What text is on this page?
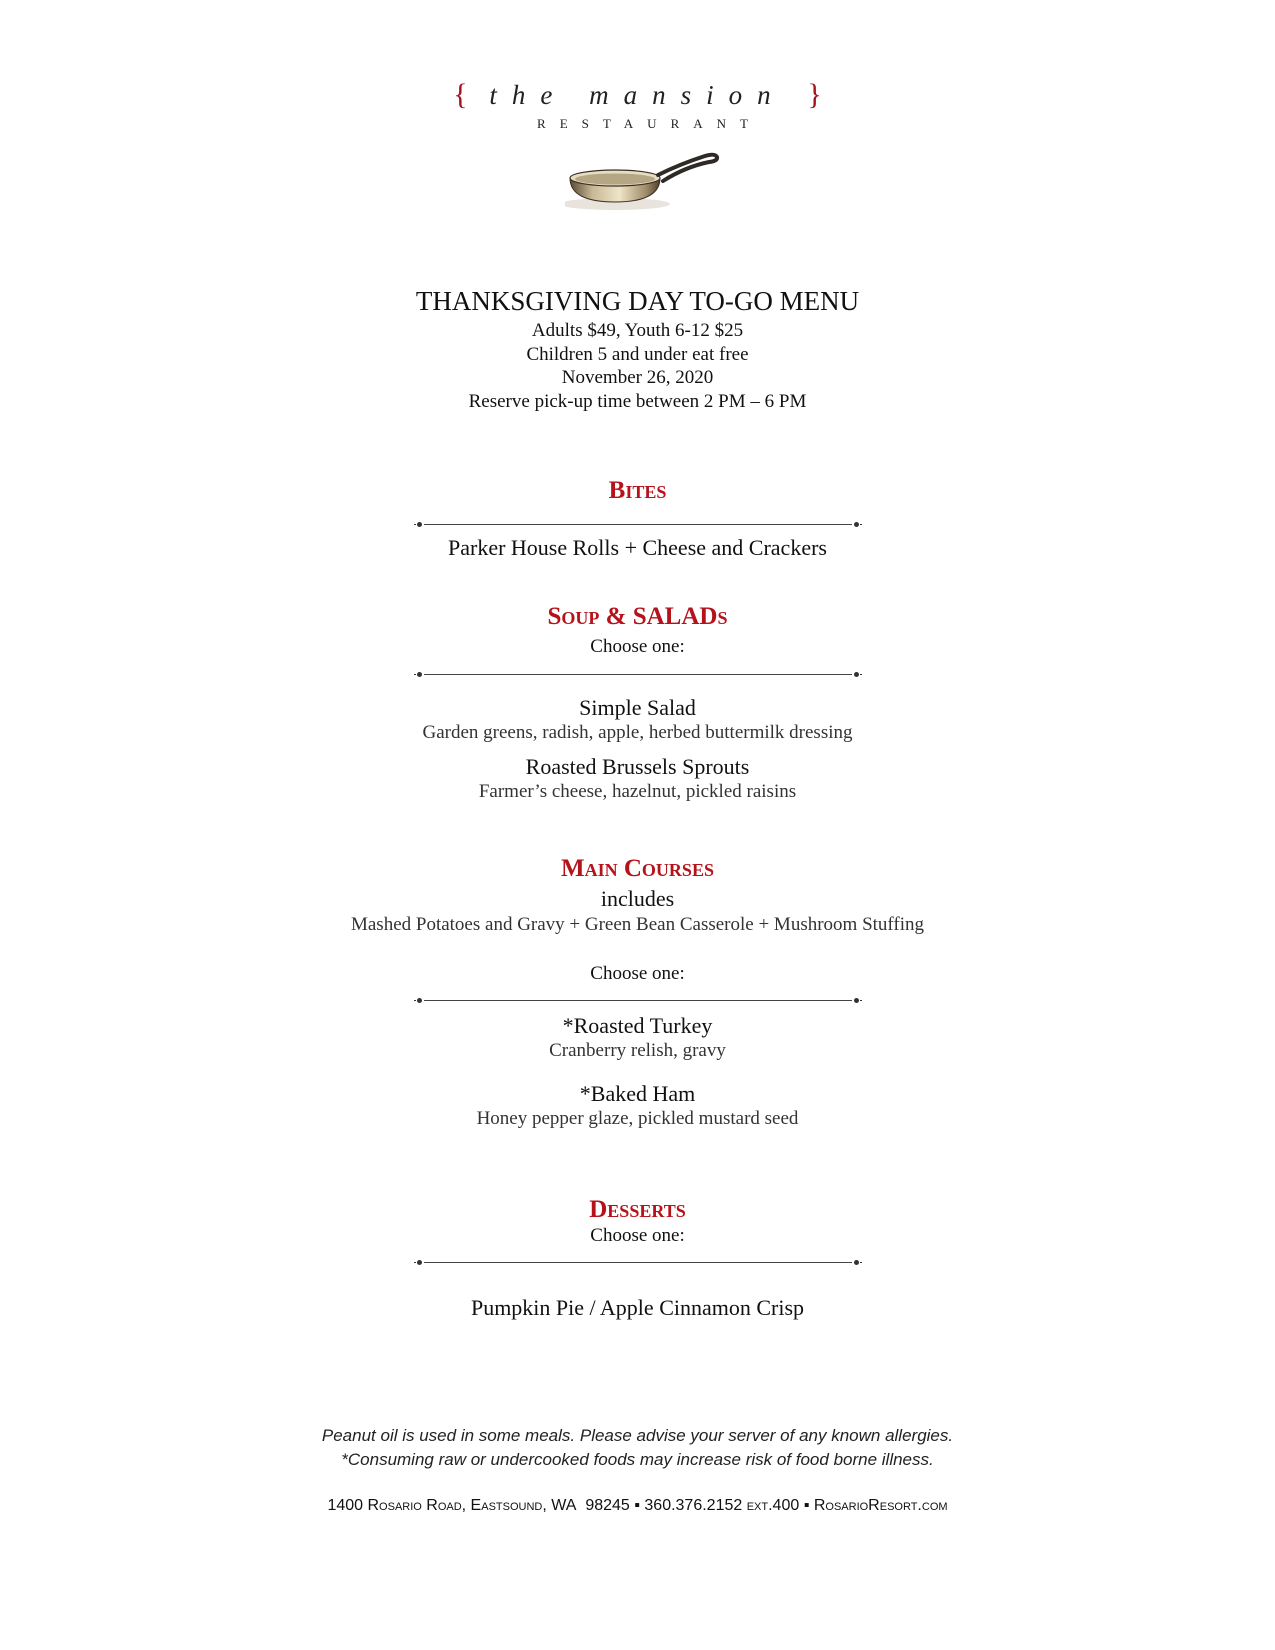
{ the mansion }
RESTAURANT
THANKSGIVING DAY TO-GO MENU
Adults $49, Youth 6-12 $25
Children 5 and under eat free
November 26, 2020
Reserve pick-up time between 2 PM – 6 PM
Bites
Parker House Rolls + Cheese and Crackers
Soup & SALADs
Choose one:
Simple Salad
Garden greens, radish, apple, herbed buttermilk dressing
Roasted Brussels Sprouts
Farmer’s cheese, hazelnut, pickled raisins
Main Courses
includes
Mashed Potatoes and Gravy + Green Bean Casserole + Mushroom Stuffing
Choose one:
*Roasted Turkey
Cranberry relish, gravy
*Baked Ham
Honey pepper glaze, pickled mustard seed
Desserts
Choose one:
Pumpkin Pie / Apple Cinnamon Crisp
Peanut oil is used in some meals. Please advise your server of any known allergies.
*Consuming raw or undercooked foods may increase risk of food borne illness.
1400 Rosario Road, Eastsound, WA 98245 ▪ 360.376.2152 ext.400 ▪ RosarioResort.com
